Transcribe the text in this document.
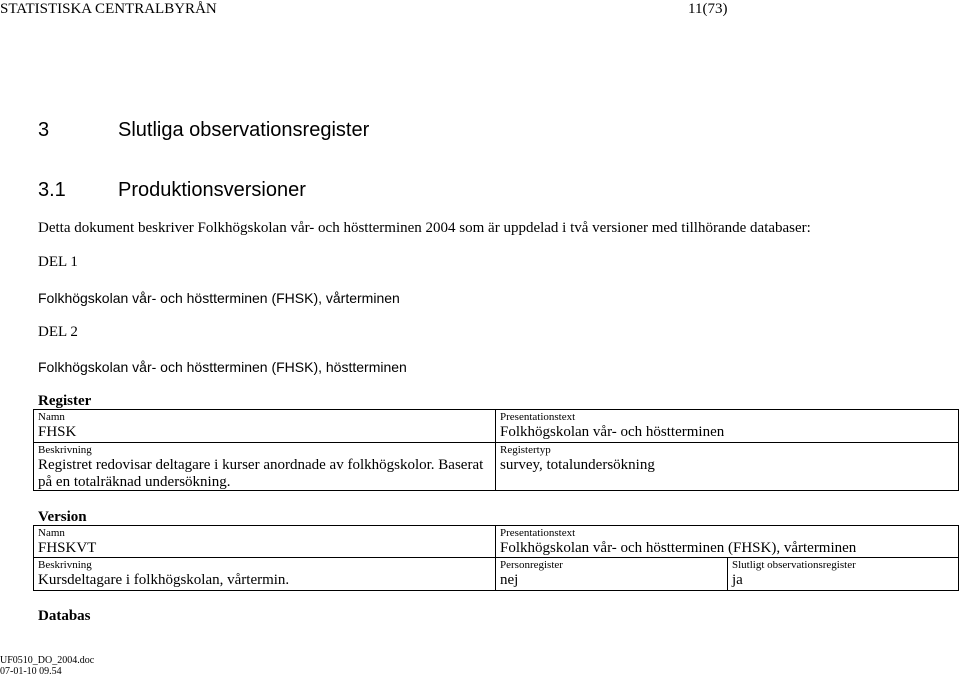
STATISTISKA CENTRALBYRÅN	11(73)
3	Slutliga observationsregister
3.1	Produktionsversioner
Detta dokument beskriver Folkhögskolan vår- och höstterminen 2004 som är uppdelad i två versioner med tillhörande databaser:
DEL 1
Folkhögskolan vår- och höstterminen (FHSK), vårterminen
DEL 2
Folkhögskolan vår- och höstterminen (FHSK), höstterminen
Register
Namn
FHSK
Presentationstext
Folkhögskolan vår- och höstterminen
Beskrivning
Registret redovisar deltagare i kurser anordnade av folkhögskolor. Baserat på en totalräknad undersökning.
Registertyp
survey, totalundersökning
Version
Namn
FHSKVT
Presentationstext
Folkhögskolan vår- och höstterminen (FHSK), vårterminen
Beskrivning
Kursdeltagare i folkhögskolan, vårtermin.
Personregister
nej
Slutligt observationsregister
ja
Databas
UF0510_DO_2004.doc
07-01-10 09.54
